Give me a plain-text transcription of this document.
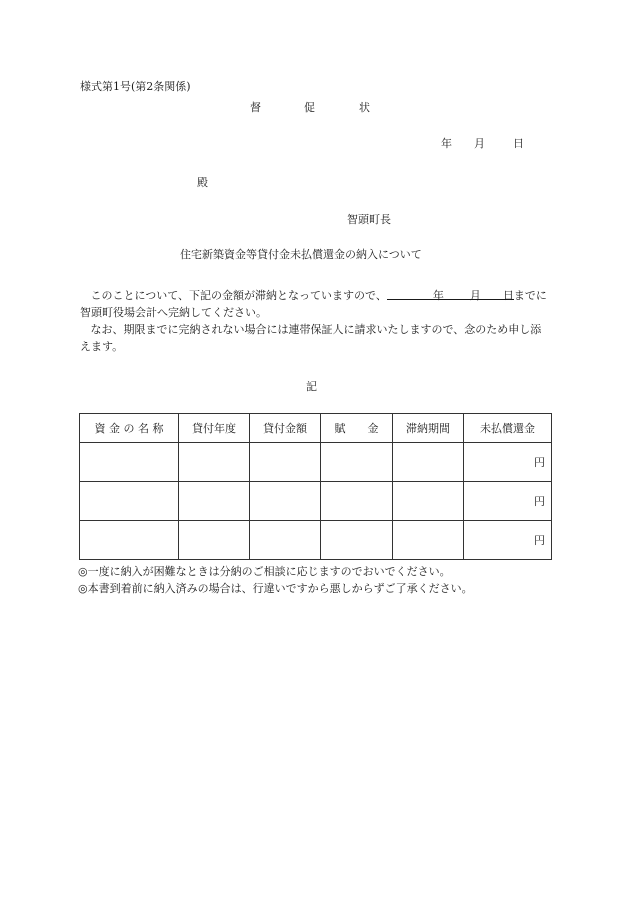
様式第1号(第2条関係)
督	促	状
年 月	日
殿
智頭町長
住宅新築資金等貸付金未払償還金の納入について
このことについて、下記の金額が滞納となっていますので、	年 月 日までに智頭町役場会計へ完納してください。
なお、期限までに完納されない場合には連帯保証人に請求いたしますので、念のため申し添えます。
記
資 金 の 名 称	貸付年度	貸付金額	賦　　金	滞納期間	未払償還金
					円
					円
					円
◎一度に納入が困難なときは分納のご相談に応じますのでおいでください。
◎本書到着前に納入済みの場合は、行違いですから悪しからずご了承ください。
